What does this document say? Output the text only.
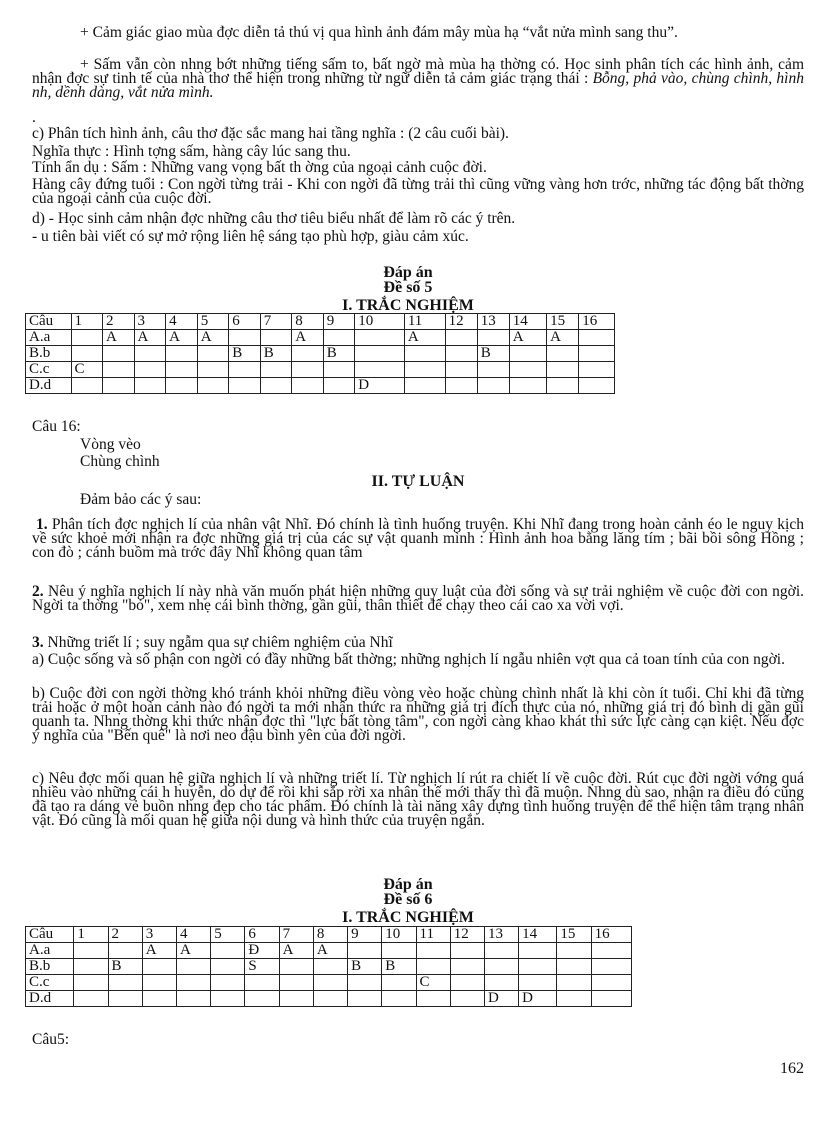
+ Cảm giác giao mùa đợc diễn tả thú vị qua hình ảnh đám mây mùa hạ “vắt nửa mình sang thu”.
+ Sấm vẫn còn nhng bớt những tiếng sấm to, bất ngờ mà mùa hạ thờng có. Học sinh phân tích các hình ảnh, cảm nhận đợc sự tinh tế của nhà thơ thể hiện trong những từ ngữ diễn tả cảm giác trạng thái : Bỗng, phả vào, chùng chình, hình nh, dềnh dàng, vắt nửa mình.
.
c) Phân tích hình ảnh, câu thơ đặc sắc mang hai tầng nghĩa : (2 câu cuối bài).
Nghĩa thực : Hình tợng sấm, hàng cây lúc sang thu.
Tính ẩn dụ : Sấm : Những vang vọng bất th ờng của ngoại cảnh cuộc đời.
Hàng cây đứng tuổi : Con ngời từng trải - Khi con ngời đã từng trải thì cũng vững vàng hơn trớc, những tác động bất thờng của ngoại cảnh của cuộc đời.
d) - Học sinh cảm nhận đợc những câu thơ tiêu biểu nhất để làm rõ các ý trên.
- u tiên bài viết có sự mở rộng liên hệ sáng tạo phù hợp, giàu cảm xúc.
Đáp án
Đề số 5
I. TRẮC NGHIỆM
Câu	1	2	3	4	5	6	7	8	9	10	11	12	13	14	15	16
A.a		A	A	A	A			A			A			A	A	
B.b						B	B		B				B			
C.c	C															
D.d										D						
Câu 16:
Vòng vèo
Chùng chình
II. TỰ LUẬN
Đảm bảo các ý sau:
1. Phân tích đợc nghịch lí của nhân vật Nhĩ. Đó chính là tình huống truyện. Khi Nhĩ đang trong hoàn cảnh éo le nguy kịch về sức khoẻ mới nhận ra đợc những giá trị của các sự vật quanh mình : Hình ảnh hoa bằng lăng tím ; bãi bồi sông Hồng ; con đò ; cánh buồm mà trớc đây Nhĩ không quan tâm
2. Nêu ý nghĩa nghịch lí này nhà văn muốn phát hiện những quy luật của đời sống và sự trải nghiệm về cuộc đời con ngời. Ngời ta thờng "bỏ", xem nhẹ cái bình thờng, gần gũi, thân thiết để chạy theo cái cao xa vời vợi.
3. Những triết lí ; suy ngẫm qua sự chiêm nghiệm của Nhĩ
a) Cuộc sống và số phận con ngời có đầy những bất thờng; những nghịch lí ngẫu nhiên vợt qua cả toan tính của con ngời.
b) Cuộc đời con ngời thờng khó tránh khỏi những điều vòng vèo hoặc chùng chình nhất là khi còn ít tuổi. Chỉ khi đã từng trải hoặc ở một hoàn cảnh nào đó ngời ta mới nhận thức ra những giá trị đích thực của nó, những giá trị đó bình dị gần gũi quanh ta. Nhng thờng khi thức nhận đợc thì "lực bất tòng tâm", con ngời càng khao khát thì sức lực càng cạn kiệt. Nếu đợc ý nghĩa của "Bến quê" là nơi neo đậu bình yên của đời ngời.
c) Nêu đợc mối quan hệ giữa nghịch lí và những triết lí. Từ nghịch lí rút ra chiết lí về cuộc đời. Rút cục đời ngời vớng quá nhiều vào những cái h huyễn, do dự để rồi khi sắp rời xa nhân thế mới thấy thì đã muộn. Nhng dù sao, nhận ra điều đó cũng đã tạo ra dáng vẻ buồn nhng đẹp cho tác phẩm. Đó chính là tài năng xây dựng tình huống truyện để thể hiện tâm trạng nhân vật. Đó cũng là mối quan hệ giữa nội dung và hình thức của truyện ngắn.
Đáp án
Đề số 6
I. TRẮC NGHIỆM
Câu	1	2	3	4	5	6	7	8	9	10	11	12	13	14	15	16
A.a			A	A		Đ	A	A								
B.b		B				S			B	B						
C.c											C					
D.d													D	D		
Câu5:
162
